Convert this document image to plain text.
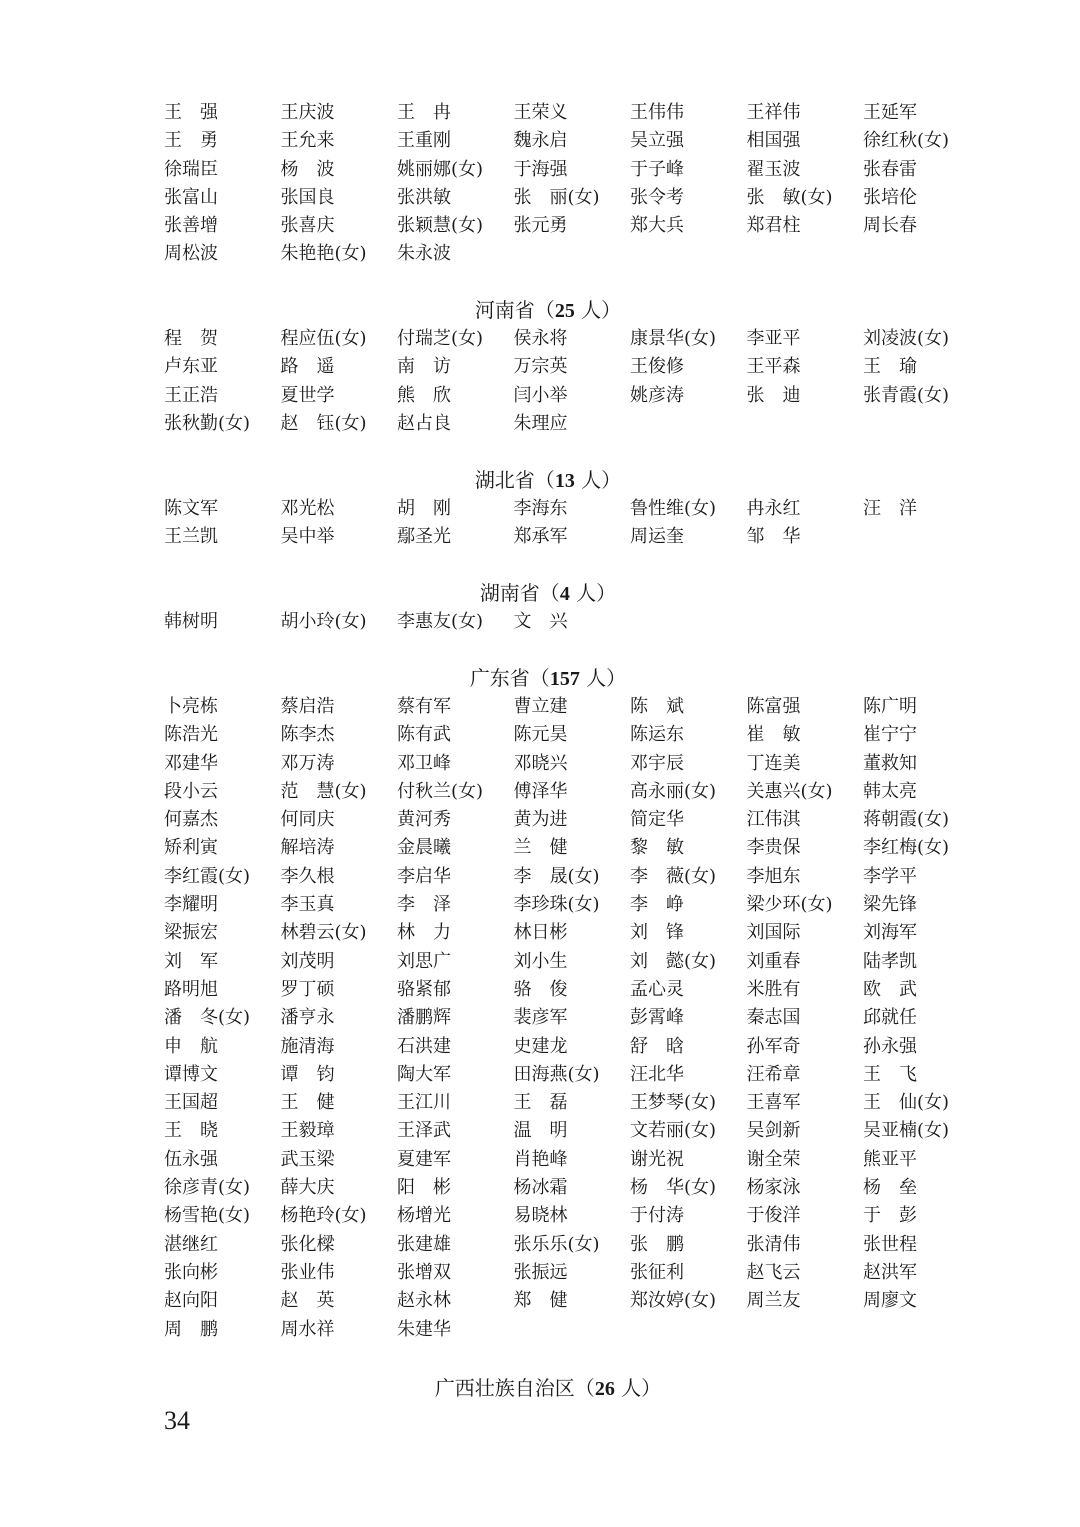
王　强	王庆波	王　冉	王荣义	王伟伟	王祥伟	王延军
王　勇	王允来	王重刚	魏永启	吴立强	相国强	徐红秋(女)
徐瑞臣	杨　波	姚丽娜(女)	于海强	于子峰	翟玉波	张春雷
张富山	张国良	张洪敏	张　丽(女)	张令考	张　敏(女)	张培伦
张善增	张喜庆	张颖慧(女)	张元勇	郑大兵	郑君柱	周长春
周松波	朱艳艳(女)	朱永波
河南省（25 人）
程　贺	程应伍(女)	付瑞芝(女)	侯永将	康景华(女)	李亚平	刘凌波(女)
卢东亚	路　遥	南　访	万宗英	王俊修	王平森	王　瑜
王正浩	夏世学	熊　欣	闫小举	姚彦涛	张　迪	张青霞(女)
张秋勤(女)	赵　钰(女)	赵占良	朱理应
湖北省（13 人）
陈文军	邓光松	胡　刚	李海东	鲁性维(女)	冉永红	汪　洋
王兰凯	吴中举	鄢圣光	郑承军	周运奎	邹　华
湖南省（4 人）
韩树明	胡小玲(女)	李惠友(女)	文　兴
广东省（157 人）
卜亮栋	蔡启浩	蔡有军	曹立建	陈　斌	陈富强	陈广明
陈浩光	陈李杰	陈有武	陈元昊	陈运东	崔　敏	崔宁宁
邓建华	邓万涛	邓卫峰	邓晓兴	邓宇辰	丁连美	董救知
段小云	范　慧(女)	付秋兰(女)	傅泽华	高永丽(女)	关惠兴(女)	韩太亮
何嘉杰	何同庆	黄河秀	黄为进	简定华	江伟淇	蒋朝霞(女)
矫利寅	解培涛	金晨曦	兰　健	黎　敏	李贵保	李红梅(女)
李红霞(女)	李久根	李启华	李　晟(女)	李　薇(女)	李旭东	李学平
李耀明	李玉真	李　泽	李珍珠(女)	李　峥	梁少环(女)	梁先锋
梁振宏	林碧云(女)	林　力	林日彬	刘　锋	刘国际	刘海军
刘　军	刘茂明	刘思广	刘小生	刘　懿(女)	刘重春	陆孝凯
路明旭	罗丁硕	骆紧郁	骆　俊	孟心灵	米胜有	欧　武
潘　冬(女)	潘亨永	潘鹏辉	裴彦军	彭霄峰	秦志国	邱就任
申　航	施清海	石洪建	史建龙	舒　晗	孙军奇	孙永强
谭博文	谭　钧	陶大军	田海燕(女)	汪北华	汪希章	王　飞
王国超	王　健	王江川	王　磊	王梦琴(女)	王喜军	王　仙(女)
王　晓	王毅璋	王泽武	温　明	文若丽(女)	吴剑新	吴亚楠(女)
伍永强	武玉梁	夏建军	肖艳峰	谢光祝	谢全荣	熊亚平
徐彦青(女)	薛大庆	阳　彬	杨冰霜	杨　华(女)	杨家泳	杨　垒
杨雪艳(女)	杨艳玲(女)	杨增光	易晓林	于付涛	于俊洋	于　彭
湛继红	张化樑	张建雄	张乐乐(女)	张　鹏	张清伟	张世程
张向彬	张业伟	张增双	张振远	张征利	赵飞云	赵洪军
赵向阳	赵　英	赵永林	郑　健	郑汝婷(女)	周兰友	周廖文
周　鹏	周水祥	朱建华
广西壮族自治区（26 人）
34
